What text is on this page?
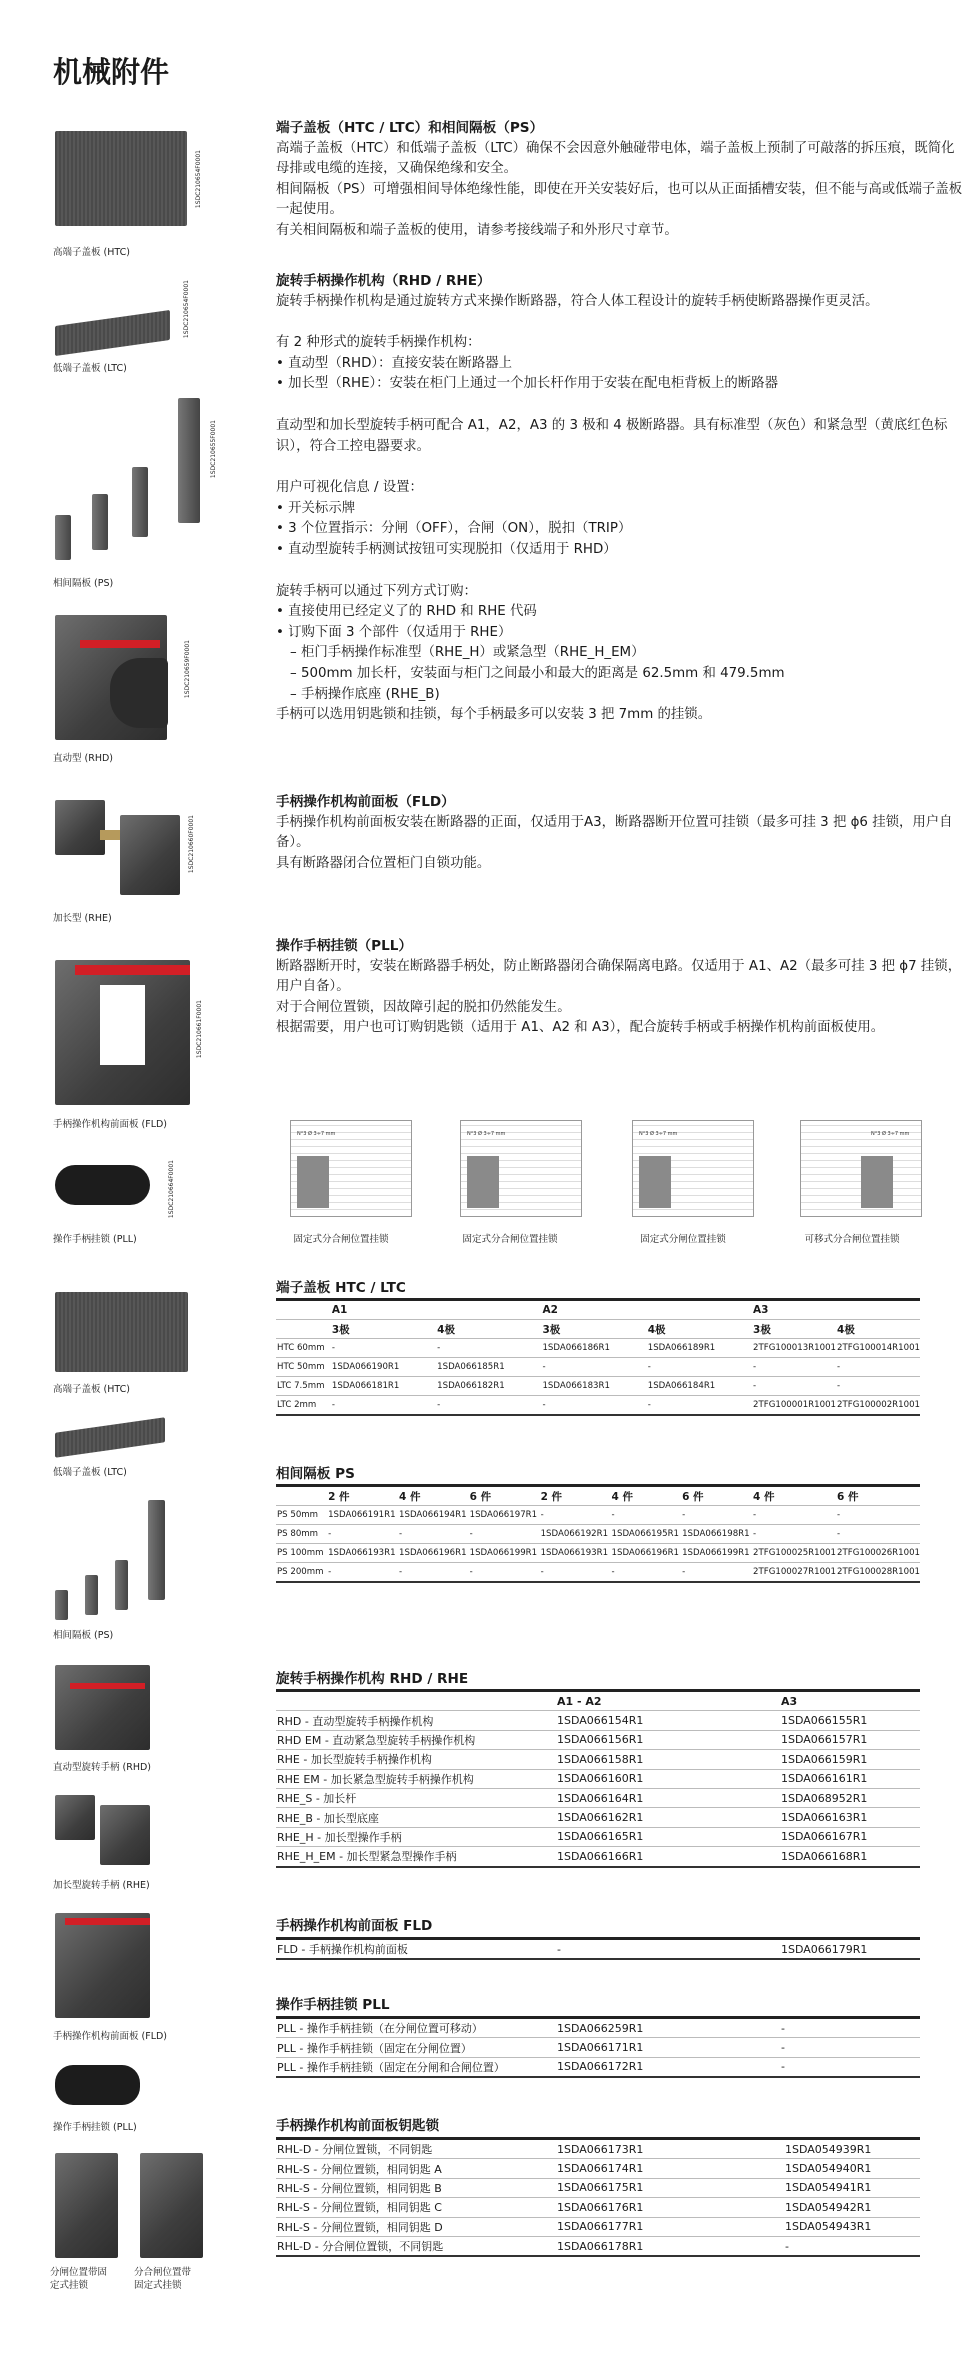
机械附件
端子盖板（HTC / LTC）和相间隔板（PS）

高端子盖板（HTC）和低端子盖板（LTC）确保不会因意外触碰带电体，端子盖板上预制了可敲落的拆压痕，既简化母排或电缆的连接，又确保绝缘和安全。

相间隔板（PS）可增强相间导体绝缘性能，即使在开关安装好后，也可以从正面插槽安装，但不能与高或低端子盖板一起使用。

有关相间隔板和端子盖板的使用，请参考接线端子和外形尺寸章节。

旋转手柄操作机构（RHD / RHE）

旋转手柄操作机构是通过旋转方式来操作断路器，符合人体工程设计的旋转手柄使断路器操作更灵活。

有 2 种形式的旋转手柄操作机构：

• 直动型（RHD）：直接安装在断路器上

• 加长型（RHE）：安装在柜门上通过一个加长杆作用于安装在配电柜背板上的断路器

直动型和加长型旋转手柄可配合 A1，A2，A3 的 3 极和 4 极断路器。具有标准型（灰色）和紧急型（黄底红色标识），符合工控电器要求。

用户可视化信息 / 设置：

• 开关标示牌

• 3 个位置指示：分闸（OFF），合闸（ON），脱扣（TRIP）

• 直动型旋转手柄测试按钮可实现脱扣（仅适用于 RHD）

旋转手柄可以通过下列方式订购：

• 直接使用已经定义了的 RHD 和 RHE 代码

• 订购下面 3 个部件（仅适用于 RHE）

– 柜门手柄操作标准型（RHE_H）或紧急型（RHE_H_EM）

– 500mm 加长杆，安装面与柜门之间最小和最大的距离是 62.5mm 和 479.5mm

– 手柄操作底座 (RHE_B)

手柄可以选用钥匙锁和挂锁，每个手柄最多可以安装 3 把 7mm 的挂锁。

手柄操作机构前面板（FLD）

手柄操作机构前面板安装在断路器的正面，仅适用于A3，断路器断开位置可挂锁（最多可挂 3 把 ϕ6 挂锁，用户自备）。

具有断路器闭合位置柜门自锁功能。

操作手柄挂锁（PLL）

断路器断开时，安装在断路器手柄处，防止断路器闭合确保隔离电路。仅适用于 A1、A2（最多可挂 3 把 ϕ7 挂锁，用户自备）。

对于合闸位置锁，因故障引起的脱扣仍然能发生。

根据需要，用户也可订购钥匙锁（适用于 A1、A2 和 A3），配合旋转手柄或手柄操作机构前面板使用。

1SDC210654F0001
高端子盖板 (HTC)
1SDC210654F0001
低端子盖板 (LTC)
1SDC210655F0001
相间隔板 (PS)
1SDC210659F0001
直动型 (RHD)
1SDC210660F0001
加长型 (RHE)
1SDC210661F0001
手柄操作机构前面板 (FLD)
1SDC210664F0001
操作手柄挂锁 (PLL)
N°3 Ø 3÷7 mm	N°3 Ø 3÷7 mm	N°3 Ø 3÷7 mm	N°3 Ø 3÷7 mm
固定式分合闸位置挂锁	固定式分合闸位置挂锁	固定式分闸位置挂锁	可移式分合闸位置挂锁
高端子盖板 (HTC)
低端子盖板 (LTC)
相间隔板 (PS)
直动型旋转手柄 (RHD)
加长型旋转手柄 (RHE)
手柄操作机构前面板 (FLD)
操作手柄挂锁 (PLL)
分闸位置带固定式挂锁
分合闸位置带固定式挂锁
端子盖板 HTC / LTC
	A1		A2		A3	
	3极	4极	3极	4极	3极	4极
HTC 60mm	-	-	1SDA066186R1	1SDA066189R1	2TFG100013R1001	2TFG100014R1001
HTC 50mm	1SDA066190R1	1SDA066185R1	-	-	-	-
LTC 7.5mm	1SDA066181R1	1SDA066182R1	1SDA066183R1	1SDA066184R1	-	-
LTC 2mm	-	-	-	-	2TFG100001R1001	2TFG100002R1001
相间隔板 PS
	2 件	4 件	6 件	2 件	4 件	6 件	4 件	6 件
PS 50mm	1SDA066191R1	1SDA066194R1	1SDA066197R1	-	-	-	-	-
PS 80mm	-	-	-	1SDA066192R1	1SDA066195R1	1SDA066198R1	-	-
PS 100mm	1SDA066193R1	1SDA066196R1	1SDA066199R1	1SDA066193R1	1SDA066196R1	1SDA066199R1	2TFG100025R1001	2TFG100026R1001
PS 200mm	-	-	-	-	-	-	2TFG100027R1001	2TFG100028R1001
旋转手柄操作机构 RHD / RHE
	A1 - A2	A3
RHD - 直动型旋转手柄操作机构	1SDA066154R1	1SDA066155R1
RHD EM - 直动紧急型旋转手柄操作机构	1SDA066156R1	1SDA066157R1
RHE - 加长型旋转手柄操作机构	1SDA066158R1	1SDA066159R1
RHE EM - 加长紧急型旋转手柄操作机构	1SDA066160R1	1SDA066161R1
RHE_S - 加长杆	1SDA066164R1	1SDA068952R1
RHE_B - 加长型底座	1SDA066162R1	1SDA066163R1
RHE_H - 加长型操作手柄	1SDA066165R1	1SDA066167R1
RHE_H_EM - 加长型紧急型操作手柄	1SDA066166R1	1SDA066168R1
手柄操作机构前面板 FLD
FLD - 手柄操作机构前面板	-	1SDA066179R1
操作手柄挂锁 PLL
PLL - 操作手柄挂锁（在分闸位置可移动）	1SDA066259R1	-
PLL - 操作手柄挂锁（固定在分闸位置）	1SDA066171R1	-
PLL - 操作手柄挂锁（固定在分闸和合闸位置）	1SDA066172R1	-
手柄操作机构前面板钥匙锁
RHL-D - 分闸位置锁，不同钥匙	1SDA066173R1	1SDA054939R1
RHL-S - 分闸位置锁，相同钥匙 A	1SDA066174R1	1SDA054940R1
RHL-S - 分闸位置锁，相同钥匙 B	1SDA066175R1	1SDA054941R1
RHL-S - 分闸位置锁，相同钥匙 C	1SDA066176R1	1SDA054942R1
RHL-S - 分闸位置锁，相同钥匙 D	1SDA066177R1	1SDA054943R1
RHL-D - 分合闸位置锁，不同钥匙	1SDA066178R1	-
